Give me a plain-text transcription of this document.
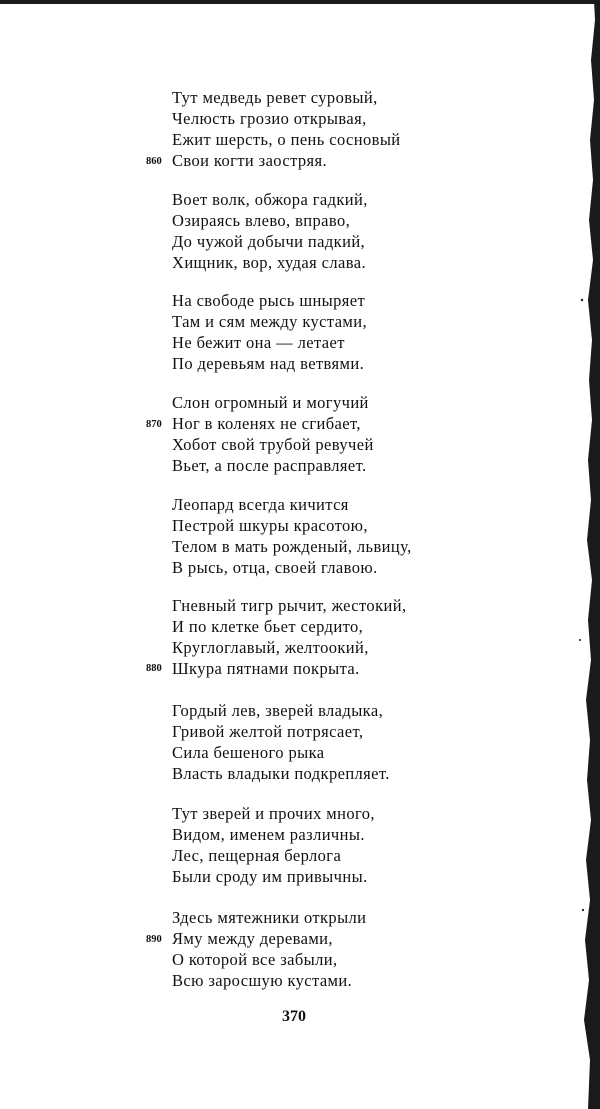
Тут медведь ревет суровый,
Челюсть грозио открывая,
Ежит шерсть, о пень сосновый
Свои когти заостряя.
860
Воет волк, обжора гадкий,
Озираясь влево, вправо,
До чужой добычи падкий,
Хищник, вор, худая слава.
На свободе рысь шныряет
Там и сям между кустами,
Не бежит она — летает
По деревьям над ветвями.
Слон огромный и могучий
Ног в коленях не сгибает,
Хобот свой трубой ревучей
Вьет, а после расправляет.
870
Леопард всегда кичится
Пестрой шкуры красотою,
Телом в мать рожденый, львицу,
В рысь, отца, своей главою.
Гневный тигр рычит, жестокий,
И по клетке бьет сердито,
Круглоглавый, желтоокий,
Шкура пятнами покрыта.
880
Гордый лев, зверей владыка,
Гривой желтой потрясает,
Сила бешеного рыка
Власть владыки подкрепляет.
Тут зверей и прочих много,
Видом, именем различны.
Лес, пещерная берлога
Были сроду им привычны.
Здесь мятежники открыли
Яму между деревами,
О которой все забыли,
Всю заросшую кустами.
890
370
